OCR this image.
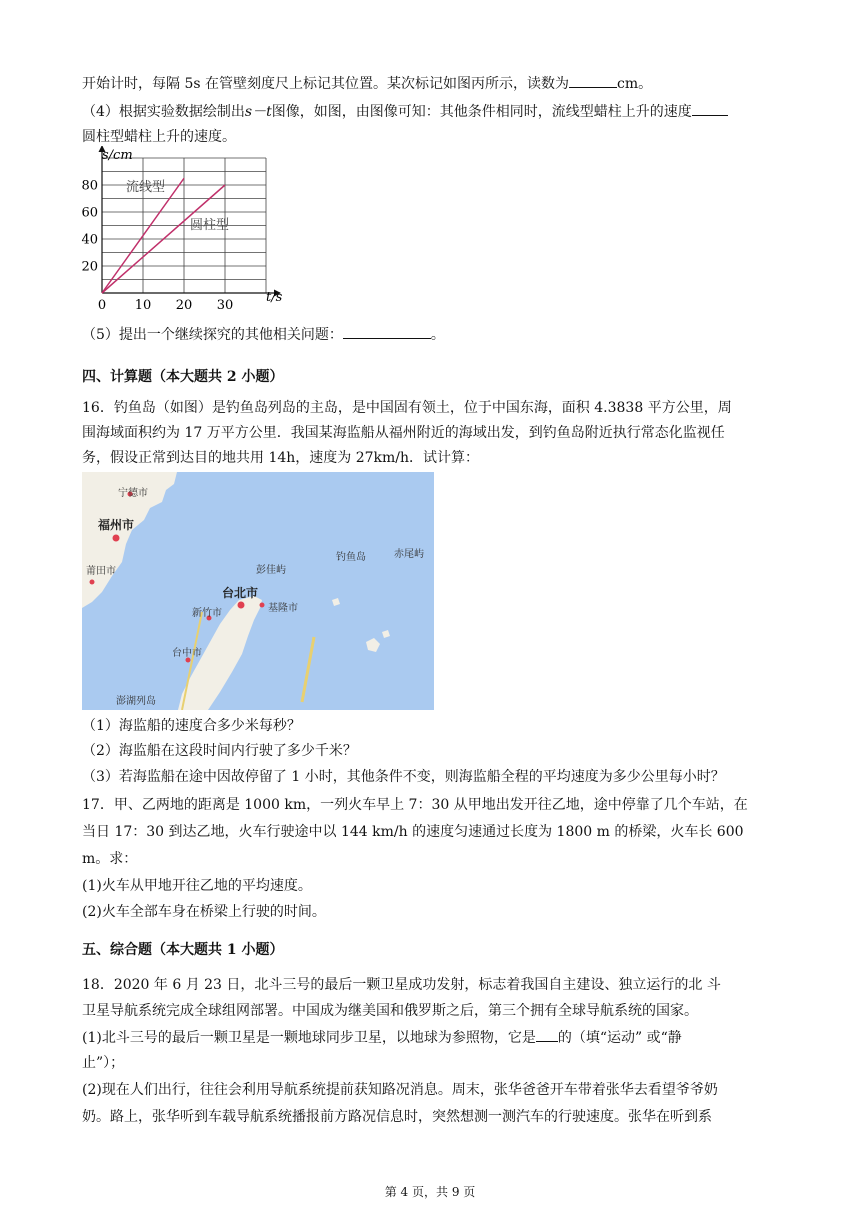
开始计时，每隔 5s 在管壁刻度尺上标记其位置。某次标记如图丙所示，读数为	cm。
（4）根据实验数据绘制出s－t图像，如图，由图像可知：其他条件相同时，流线型蜡柱上升的速度
圆柱型蜡柱上升的速度。
0 10 20 30
20
40
60
80
s/cm
t/s
流线型
圆柱型
（5）提出一个继续探究的其他相关问题：	。
四、计算题（本大题共 2 小题）
16．钓鱼岛（如图）是钓鱼岛列岛的主岛，是中国固有领土，位于中国东海，面积 4.3838 平方公里，周
围海域面积约为 17 万平方公里．我国某海监船从福州附近的海域出发，到钓鱼岛附近执行常态化监视任
务，假设正常到达目的地共用 14h，速度为 27km/h．试计算：
宁德市
福州市
莆田市	彭佳屿
钓鱼岛	赤尾屿
台北市
基隆市
新竹市
台中市
澎湖列岛
（1）海监船的速度合多少米每秒？
（2）海监船在这段时间内行驶了多少千米？
（3）若海监船在途中因故停留了 1 小时，其他条件不变，则海监船全程的平均速度为多少公里每小时？
17．甲、乙两地的距离是 1000 km，一列火车早上 7：30 从甲地出发开往乙地，途中停靠了几个车站，在
当日 17：30 到达乙地，火车行驶途中以 144 km/h 的速度匀速通过长度为 1800 m 的桥梁，火车长 600
m。求：
(1)火车从甲地开往乙地的平均速度。
(2)火车全部车身在桥梁上行驶的时间。
五、综合题（本大题共 1 小题）
18．2020 年 6 月 23 日，北斗三号的最后一颗卫星成功发射，标志着我国自主建设、独立运行的北 斗
卫星导航系统完成全球组网部署。中国成为继美国和俄罗斯之后，第三个拥有全球导航系统的国家。
(1)北斗三号的最后一颗卫星是一颗地球同步卫星，以地球为参照物，它是 的（填“运动” 或“静
止”）；
(2)现在人们出行，往往会利用导航系统提前获知路况消息。周末，张华爸爸开车带着张华去看望爷爷奶
奶。路上，张华听到车载导航系统播报前方路况信息时，突然想测一测汽车的行驶速度。张华在听到系
第 4 页，共 9 页
